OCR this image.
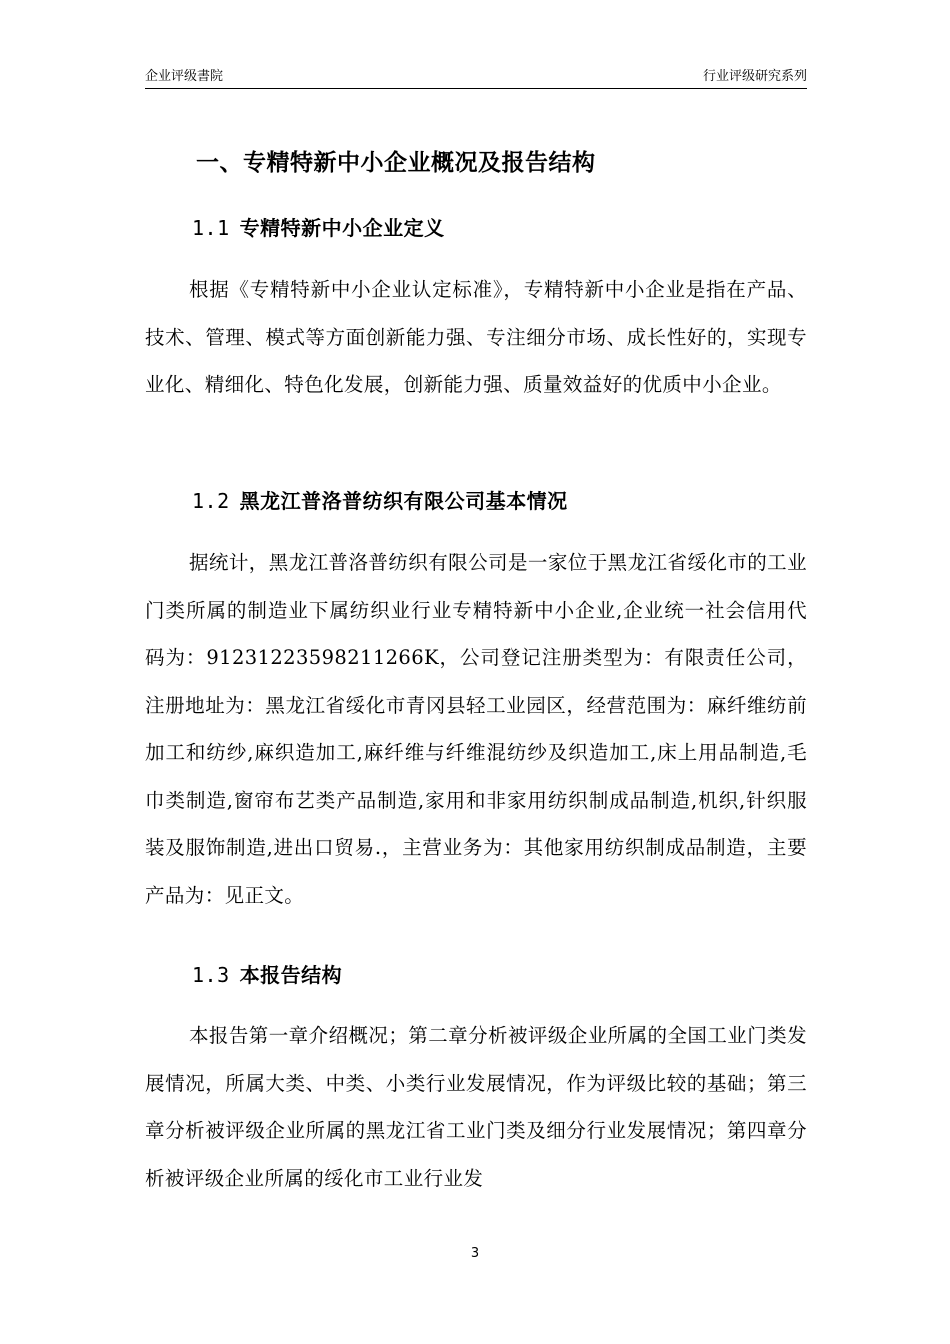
企业评级書院	行业评级研究系列
一、专精特新中小企业概况及报告结构
1.1 专精特新中小企业定义

根据《专精特新中小企业认定标准》，专精特新中小企业是指在产品、技术、管理、模式等方面创新能力强、专注细分市场、成长性好的，实现专业化、精细化、特色化发展，创新能力强、质量效益好的优质中小企业。

1.2 黑龙江普洛普纺织有限公司基本情况

据统计，黑龙江普洛普纺织有限公司是一家位于黑龙江省绥化市的工业门类所属的制造业下属纺织业行业专精特新中小企业,企业统一社会信用代码为：91231223598211266K，公司登记注册类型为：有限责任公司，注册地址为：黑龙江省绥化市青冈县轻工业园区，经营范围为：麻纤维纺前加工和纺纱,麻织造加工,麻纤维与纤维混纺纱及织造加工,床上用品制造,毛巾类制造,窗帘布艺类产品制造,家用和非家用纺织制成品制造,机织,针织服装及服饰制造,进出口贸易.，主营业务为：其他家用纺织制成品制造，主要产品为：见正文。

1.3 本报告结构

本报告第一章介绍概况；第二章分析被评级企业所属的全国工业门类发展情况，所属大类、中类、小类行业发展情况，作为评级比较的基础；第三章分析被评级企业所属的黑龙江省工业门类及细分行业发展情况；第四章分析被评级企业所属的绥化市工业行业发

3
